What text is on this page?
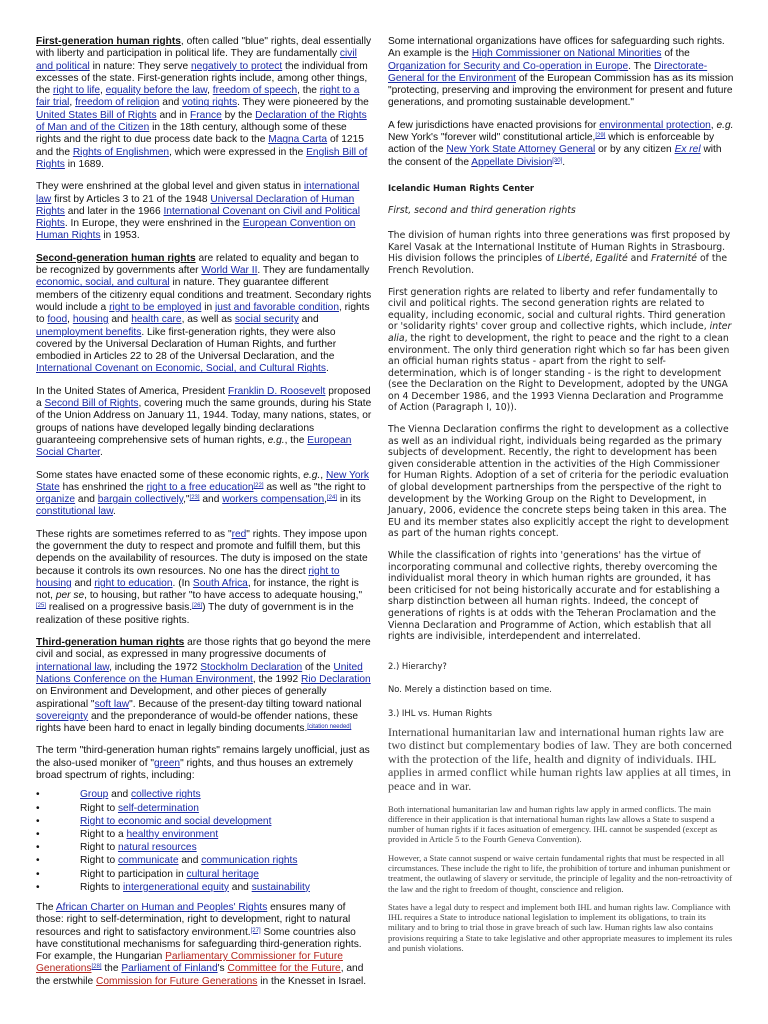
First-generation human rights, often called "blue" rights, deal essentially with liberty and participation in political life. They are fundamentally civil and political in nature: They serve negatively to protect the individual from excesses of the state. First-generation rights include, among other things, the right to life, equality before the law, freedom of speech, the right to a fair trial, freedom of religion and voting rights. They were pioneered by the United States Bill of Rights and in France by the Declaration of the Rights of Man and of the Citizen in the 18th century, although some of these rights and the right to due process date back to the Magna Carta of 1215 and the Rights of Englishmen, which were expressed in the English Bill of Rights in 1689.

They were enshrined at the global level and given status in international law first by Articles 3 to 21 of the 1948 Universal Declaration of Human Rights and later in the 1966 International Covenant on Civil and Political Rights. In Europe, they were enshrined in the European Convention on Human Rights in 1953.

Second-generation human rights are related to equality and began to be recognized by governments after World War II. They are fundamentally economic, social, and cultural in nature. They guarantee different members of the citizenry equal conditions and treatment. Secondary rights would include a right to be employed in just and favorable condition, rights to food, housing and health care, as well as social security and unemployment benefits. Like first-generation rights, they were also covered by the Universal Declaration of Human Rights, and further embodied in Articles 22 to 28 of the Universal Declaration, and the International Covenant on Economic, Social, and Cultural Rights.

In the United States of America, President Franklin D. Roosevelt proposed a Second Bill of Rights, covering much the same grounds, during his State of the Union Address on January 11, 1944. Today, many nations, states, or groups of nations have developed legally binding declarations guaranteeing comprehensive sets of human rights, e.g., the European Social Charter.

Some states have enacted some of these economic rights, e.g., New York State has enshrined the right to a free education[22] as well as "the right to organize and bargain collectively,"[23] and workers compensation,[24] in its constitutional law.

These rights are sometimes referred to as "red" rights. They impose upon the government the duty to respect and promote and fulfill them, but this depends on the availability of resources. The duty is imposed on the state because it controls its own resources. No one has the direct right to housing and right to education. (In South Africa, for instance, the right is not, per se, to housing, but rather "to have access to adequate housing,"[25] realised on a progressive basis.[26]) The duty of government is in the realization of these positive rights.

Third-generation human rights are those rights that go beyond the mere civil and social, as expressed in many progressive documents of international law, including the 1972 Stockholm Declaration of the United Nations Conference on the Human Environment, the 1992 Rio Declaration on Environment and Development, and other pieces of generally aspirational "soft law". Because of the present-day tilting toward national sovereignty and the preponderance of would-be offender nations, these rights have been hard to enact in legally binding documents.[citation needed]

The term "third-generation human rights" remains largely unofficial, just as the also-used moniker of "green" rights, and thus houses an extremely broad spectrum of rights, including:

• Group and collective rights
• Right to self-determination
• Right to economic and social development
• Right to a healthy environment
• Right to natural resources
• Right to communicate and communication rights
• Right to participation in cultural heritage
• Rights to intergenerational equity and sustainability

The African Charter on Human and Peoples' Rights ensures many of those: right to self-determination, right to development, right to natural resources and right to satisfactory environment.[27] Some countries also have constitutional mechanisms for safeguarding third-generation rights. For example, the Hungarian Parliamentary Commissioner for Future Generations[28] the Parliament of Finland's Committee for the Future, and the erstwhile Commission for Future Generations in the Knesset in Israel.

Some international organizations have offices for safeguarding such rights. An example is the High Commissioner on National Minorities of the Organization for Security and Co-operation in Europe. The Directorate-General for the Environment of the European Commission has as its mission "protecting, preserving and improving the environment for present and future generations, and promoting sustainable development."

A few jurisdictions have enacted provisions for environmental protection, e.g. New York's "forever wild" constitutional article,[29] which is enforceable by action of the New York State Attorney General or by any citizen Ex rel with the consent of the Appellate Division[30].

Icelandic Human Rights Center
First, second and third generation rights

The division of human rights into three generations was first proposed by Karel Vasak at the International Institute of Human Rights in Strasbourg. His division follows the principles of Liberté, Egalité and Fraternité of the French Revolution.

First generation rights are related to liberty and refer fundamentally to civil and political rights. The second generation rights are related to equality, including economic, social and cultural rights. Third generation or 'solidarity rights' cover group and collective rights, which include, inter alia, the right to development, the right to peace and the right to a clean environment. The only third generation right which so far has been given an official human rights status - apart from the right to self-determination, which is of longer standing - is the right to development (see the Declaration on the Right to Development, adopted by the UNGA on 4 December 1986, and the 1993 Vienna Declaration and Programme of Action (Paragraph I, 10)).

The Vienna Declaration confirms the right to development as a collective as well as an individual right, individuals being regarded as the primary subjects of development. Recently, the right to development has been given considerable attention in the activities of the High Commissioner for Human Rights. Adoption of a set of criteria for the periodic evaluation of global development partnerships from the perspective of the right to development by the Working Group on the Right to Development, in January, 2006, evidence the concrete steps being taken in this area. The EU and its member states also explicitly accept the right to development as part of the human rights concept.

While the classification of rights into 'generations' has the virtue of incorporating communal and collective rights, thereby overcoming the individualist moral theory in which human rights are grounded, it has been criticised for not being historically accurate and for establishing a sharp distinction between all human rights. Indeed, the concept of generations of rights is at odds with the Teheran Proclamation and the Vienna Declaration and Programme of Action, which establish that all rights are indivisible, interdependent and interrelated.

2.) Hierarchy?
No. Merely a distinction based on time.
3.) IHL vs. Human Rights

International humanitarian law and international human rights law are two distinct but complementary bodies of law. They are both concerned with the protection of the life, health and dignity of individuals. IHL applies in armed conflict while human rights law applies at all times, in peace and in war.

Both international humanitarian law and human rights law apply in armed conflicts. The main difference in their application is that international human rights law allows a State to suspend a number of human rights if it faces asituation of emergency. IHL cannot be suspended (except as provided in Article 5 to the Fourth Geneva Convention).

However, a State cannot suspend or waive certain fundamental rights that must be respected in all circumstances. These include the right to life, the prohibition of torture and inhuman punishment or treatment, the outlawing of slavery or servitude, the principle of legality and the non-retroactivity of the law and the right to freedom of thought, conscience and religion.

States have a legal duty to respect and implement both IHL and human rights law. Compliance with IHL requires a State to introduce national legislation to implement its obligations, to train its military and to bring to trial those in grave breach of such law. Human rights law also contains provisions requiring a State to take legislative and other appropriate measures to implement its rules and punish violations.
